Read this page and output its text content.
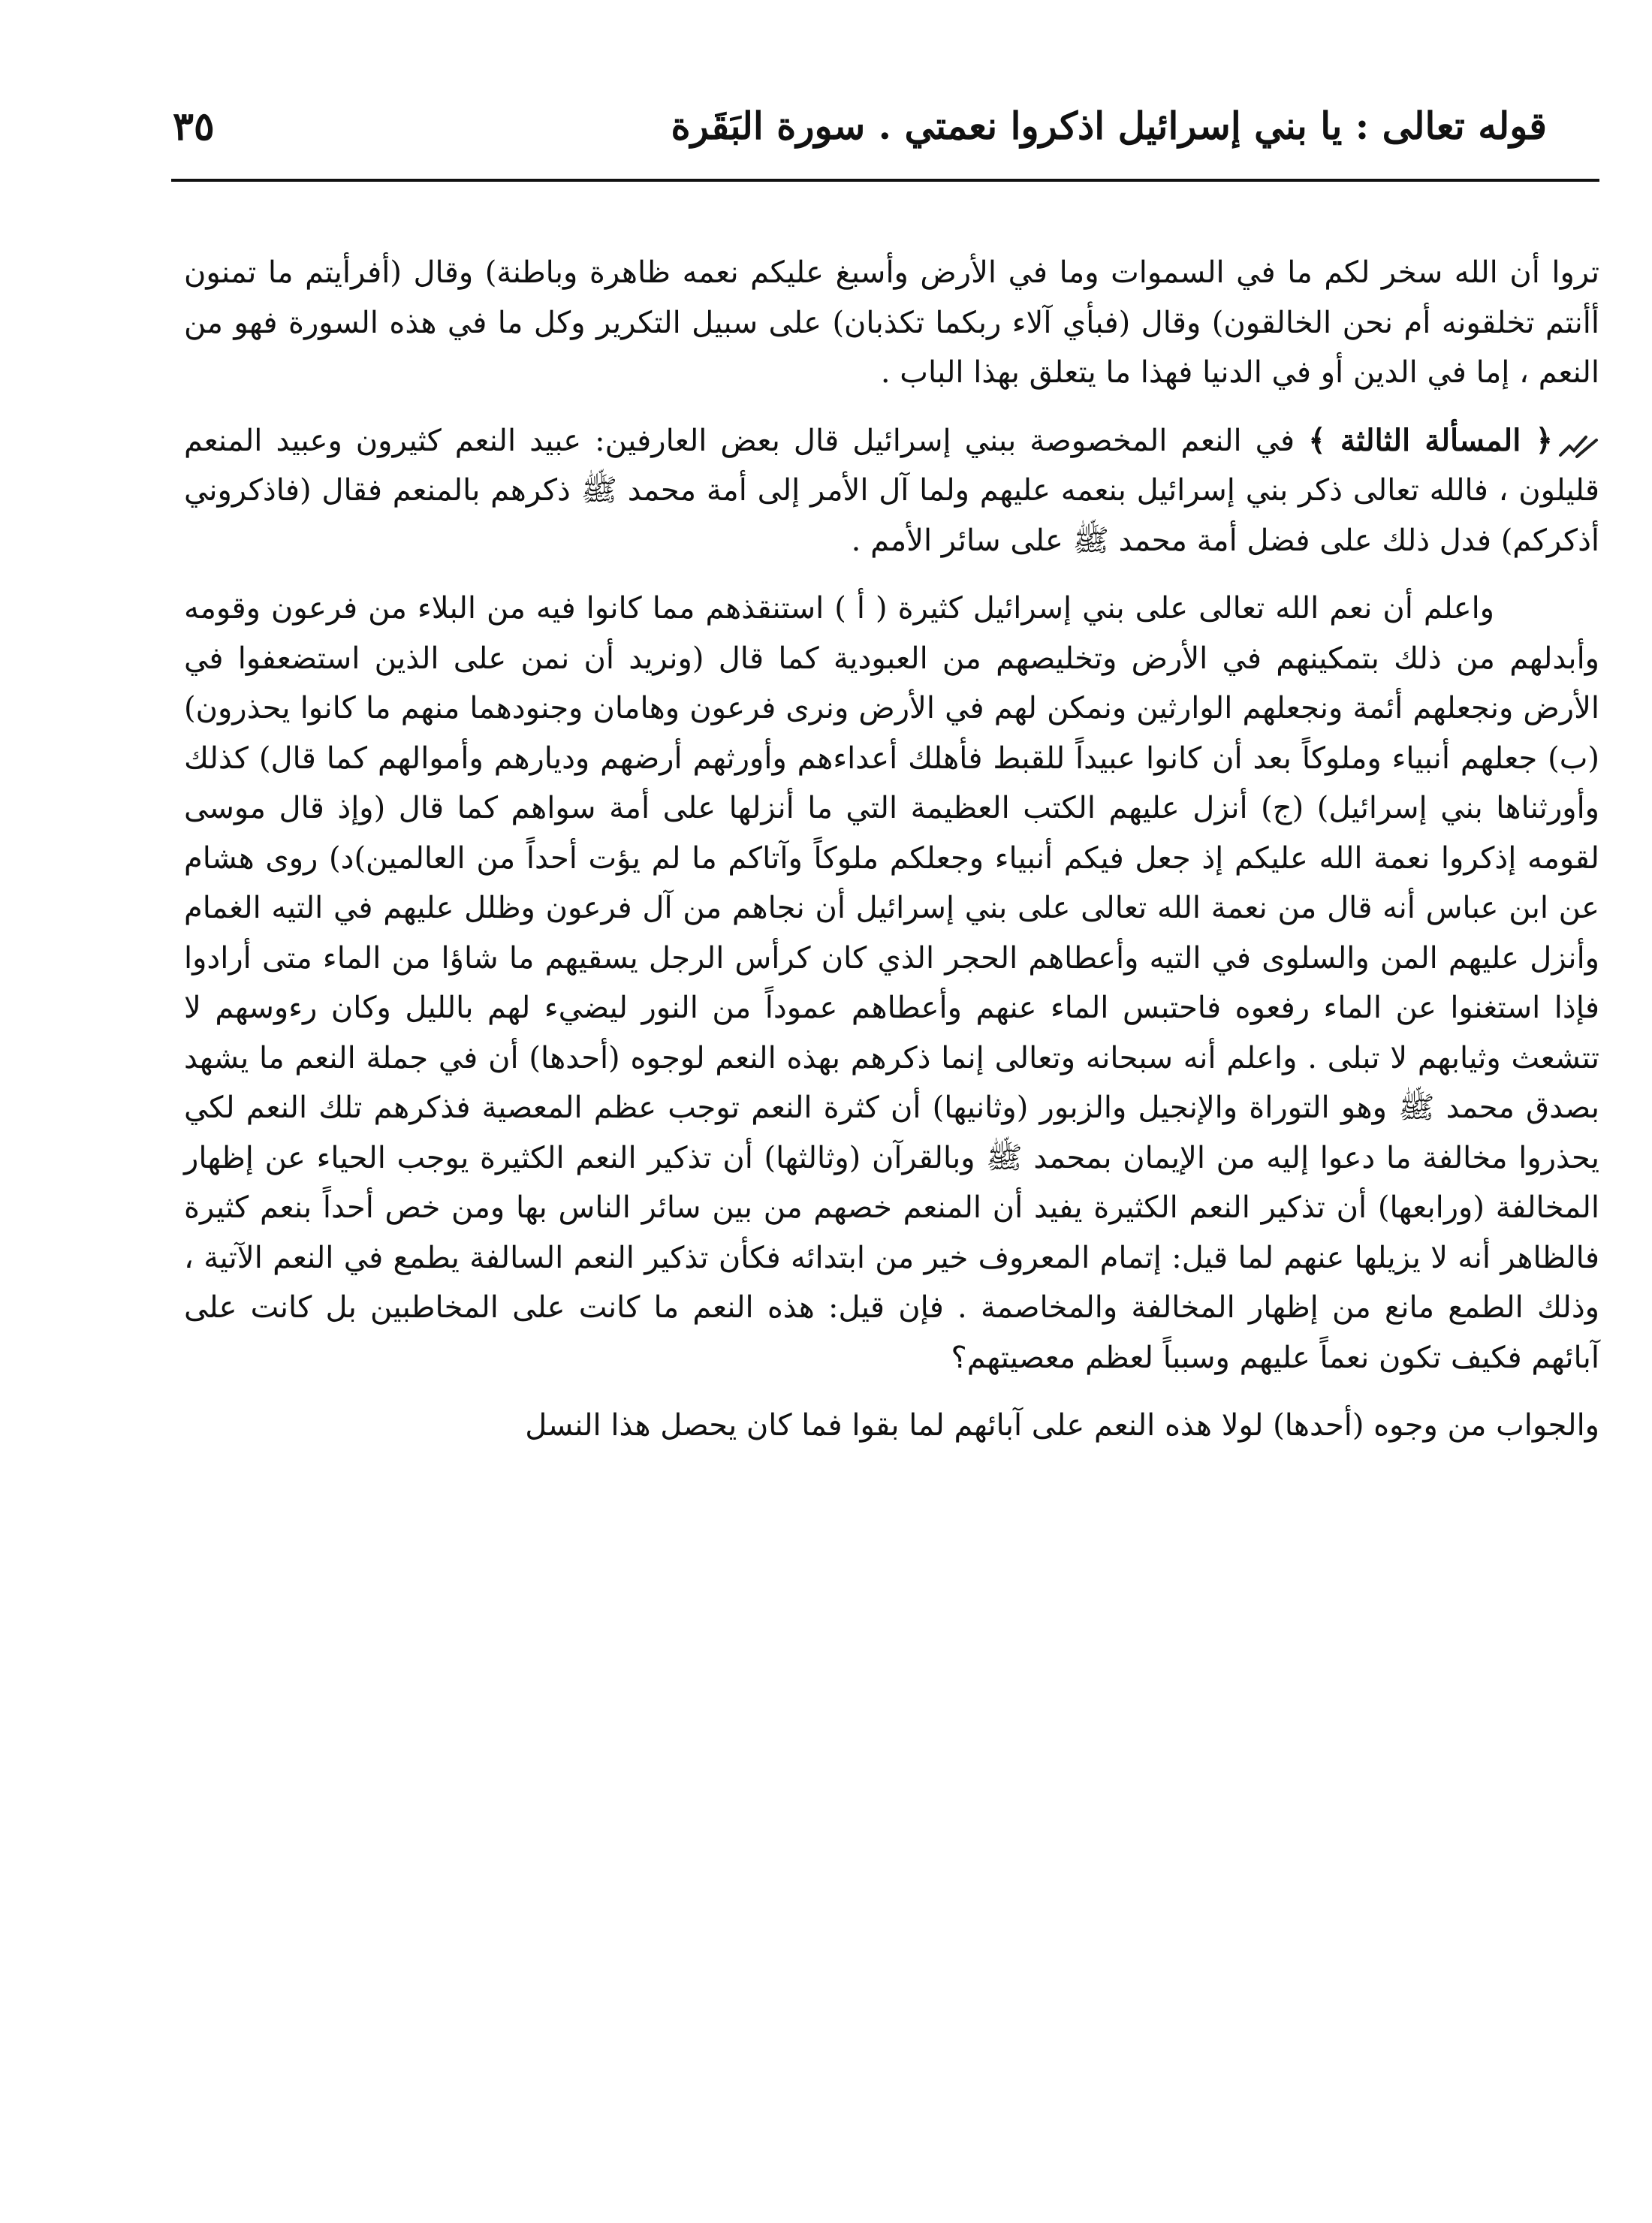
قوله تعالى : يا بني إسرائيل اذكروا نعمتي . سورة البَقَرة
٣٥

تروا أن الله سخر لكم ما في السموات وما في الأرض وأسبغ عليكم نعمه ظاهرة وباطنة) وقال (أفرأيتم ما تمنون أأنتم تخلقونه أم نحن الخالقون) وقال (فبأي آلاء ربكما تكذبان) على سبيل التكرير وكل ما في هذه السورة فهو من النعم ، إما في الدين أو في الدنيا فهذا ما يتعلق بهذا الباب .

﴿ المسألة الثالثة ﴾ في النعم المخصوصة ببني إسرائيل قال بعض العارفين: عبيد النعم كثيرون وعبيد المنعم قليلون ، فالله تعالى ذكر بني إسرائيل بنعمه عليهم ولما آل الأمر إلى أمة محمد ﷺ ذكرهم بالمنعم فقال (فاذكروني أذكركم) فدل ذلك على فضل أمة محمد ﷺ على سائر الأمم .

واعلم أن نعم الله تعالى على بني إسرائيل كثيرة ( أ ) استنقذهم مما كانوا فيه من البلاء من فرعون وقومه وأبدلهم من ذلك بتمكينهم في الأرض وتخليصهم من العبودية كما قال (ونريد أن نمن على الذين استضعفوا في الأرض ونجعلهم أئمة ونجعلهم الوارثين ونمكن لهم في الأرض ونرى فرعون وهامان وجنودهما منهم ما كانوا يحذرون) (ب) جعلهم أنبياء وملوكاً بعد أن كانوا عبيداً للقبط فأهلك أعداءهم وأورثهم أرضهم وديارهم وأموالهم كما قال) كذلك وأورثناها بني إسرائيل) (ج) أنزل عليهم الكتب العظيمة التي ما أنزلها على أمة سواهم كما قال (وإذ قال موسى لقومه إذكروا نعمة الله عليكم إذ جعل فيكم أنبياء وجعلكم ملوكاً وآتاكم ما لم يؤت أحداً من العالمين)د) روى هشام عن ابن عباس أنه قال من نعمة الله تعالى على بني إسرائيل أن نجاهم من آل فرعون وظلل عليهم في التيه الغمام وأنزل عليهم المن والسلوى في التيه وأعطاهم الحجر الذي كان كرأس الرجل يسقيهم ما شاؤا من الماء متى أرادوا فإذا استغنوا عن الماء رفعوه فاحتبس الماء عنهم وأعطاهم عموداً من النور ليضيء لهم بالليل وكان رءوسهم لا تتشعث وثيابهم لا تبلى . واعلم أنه سبحانه وتعالى إنما ذكرهم بهذه النعم لوجوه (أحدها) أن في جملة النعم ما يشهد بصدق محمد ﷺ وهو التوراة والإنجيل والزبور (وثانيها) أن كثرة النعم توجب عظم المعصية فذكرهم تلك النعم لكي يحذروا مخالفة ما دعوا إليه من الإيمان بمحمد ﷺ وبالقرآن (وثالثها) أن تذكير النعم الكثيرة يوجب الحياء عن إظهار المخالفة (ورابعها) أن تذكير النعم الكثيرة يفيد أن المنعم خصهم من بين سائر الناس بها ومن خص أحداً بنعم كثيرة فالظاهر أنه لا يزيلها عنهم لما قيل: إتمام المعروف خير من ابتدائه فكأن تذكير النعم السالفة يطمع في النعم الآتية ، وذلك الطمع مانع من إظهار المخالفة والمخاصمة . فإن قيل: هذه النعم ما كانت على المخاطبين بل كانت على آبائهم فكيف تكون نعماً عليهم وسبباً لعظم معصيتهم؟

والجواب من وجوه (أحدها) لولا هذه النعم على آبائهم لما بقوا فما كان يحصل هذا النسل
